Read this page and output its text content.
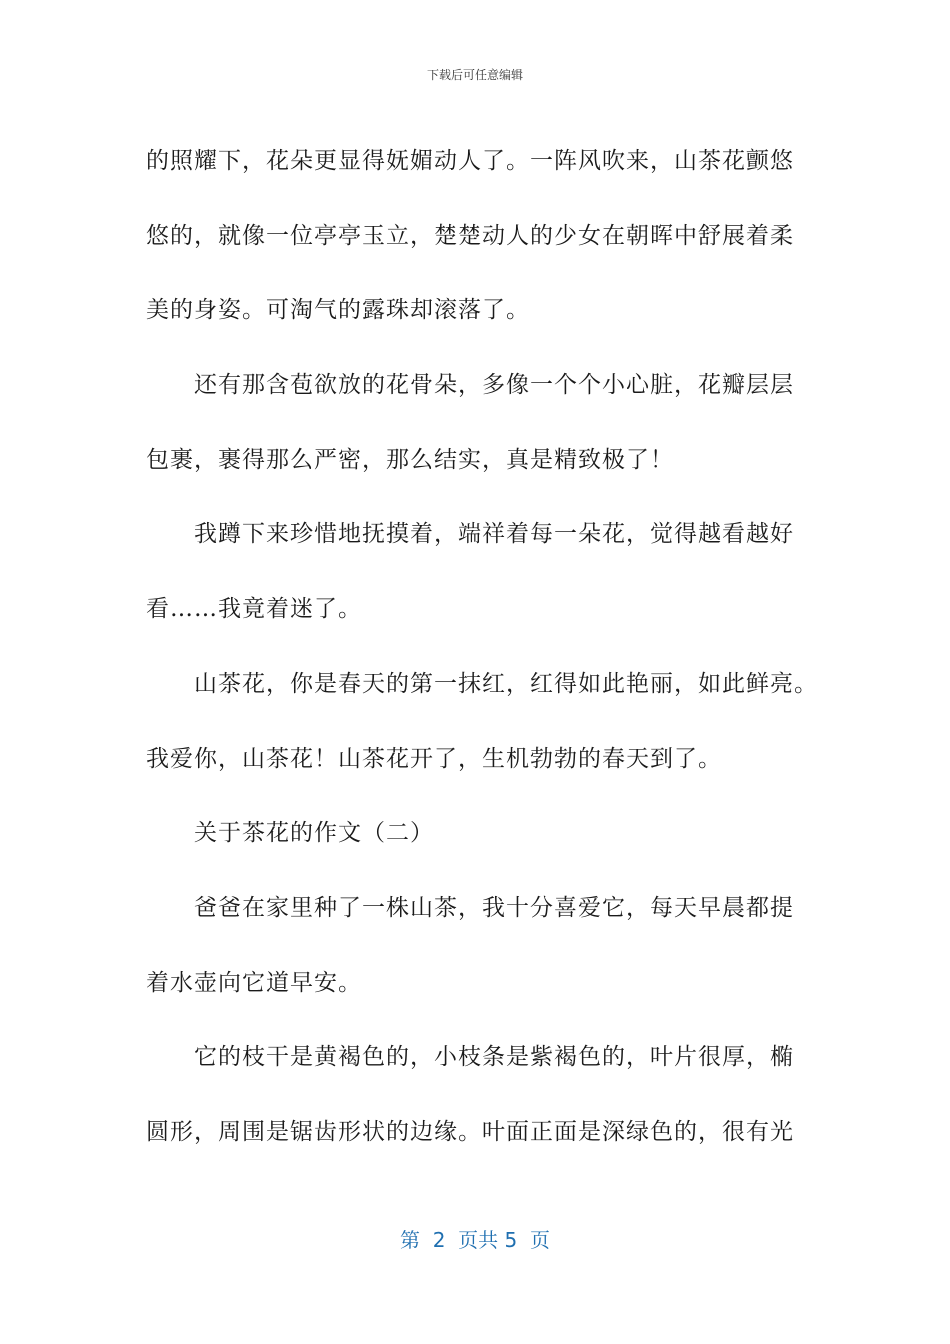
下载后可任意编辑
的照耀下，花朵更显得妩媚动人了。一阵风吹来，山茶花颤悠
悠的，就像一位亭亭玉立，楚楚动人的少女在朝晖中舒展着柔
美的身姿。可淘气的露珠却滚落了。
还有那含苞欲放的花骨朵，多像一个个小心脏，花瓣层层
包裹，裹得那么严密，那么结实，真是精致极了！
我蹲下来珍惜地抚摸着，端祥着每一朵花，觉得越看越好
看……我竟着迷了。
山茶花，你是春天的第一抹红，红得如此艳丽，如此鲜亮。
我爱你，山茶花！山茶花开了，生机勃勃的春天到了。
关于茶花的作文（二）
爸爸在家里种了一株山茶，我十分喜爱它，每天早晨都提
着水壶向它道早安。
它的枝干是黄褐色的，小枝条是紫褐色的，叶片很厚，椭
圆形，周围是锯齿形状的边缘。叶面正面是深绿色的，很有光
第  2  页共 5  页
